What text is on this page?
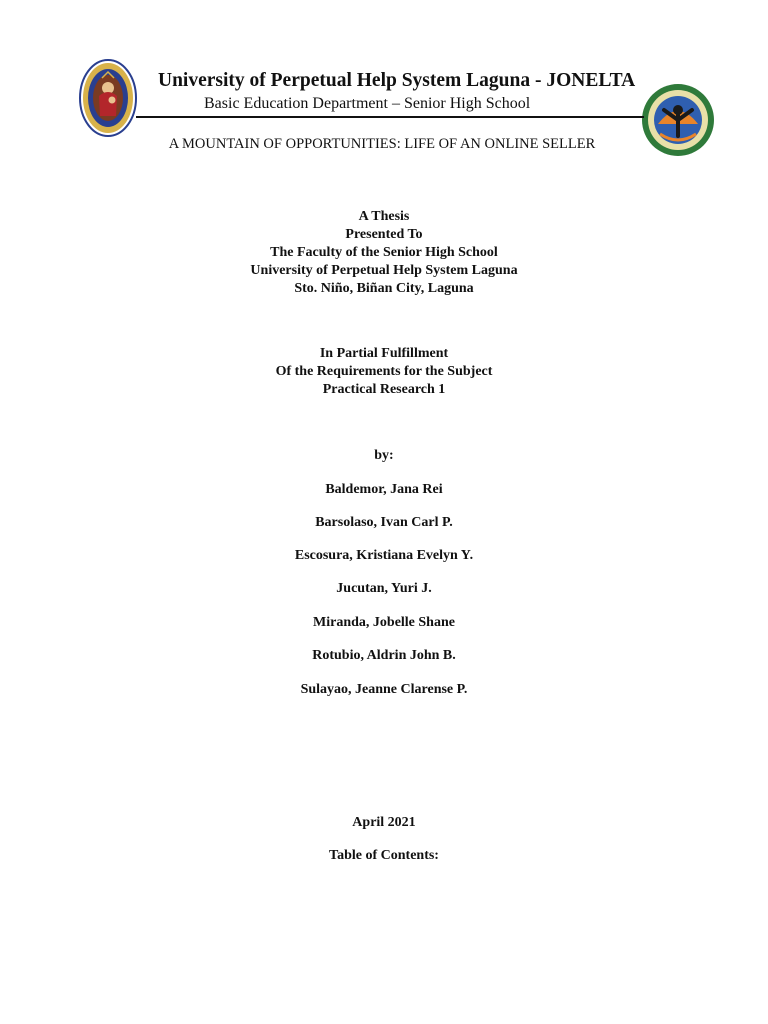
University of Perpetual Help System Laguna - JONELTA
Basic Education Department – Senior High School
A MOUNTAIN OF OPPORTUNITIES: LIFE OF AN ONLINE SELLER
A Thesis
Presented To
The Faculty of the Senior High School
University of Perpetual Help System Laguna
Sto. Niño, Biñan City, Laguna
In Partial Fulfillment
Of the Requirements for the Subject
Practical Research 1
by:
Baldemor, Jana Rei
Barsolaso, Ivan Carl P.
Escosura, Kristiana Evelyn Y.
Jucutan, Yuri J.
Miranda, Jobelle Shane
Rotubio, Aldrin John B.
Sulayao, Jeanne Clarense P.
April 2021
Table of Contents:
